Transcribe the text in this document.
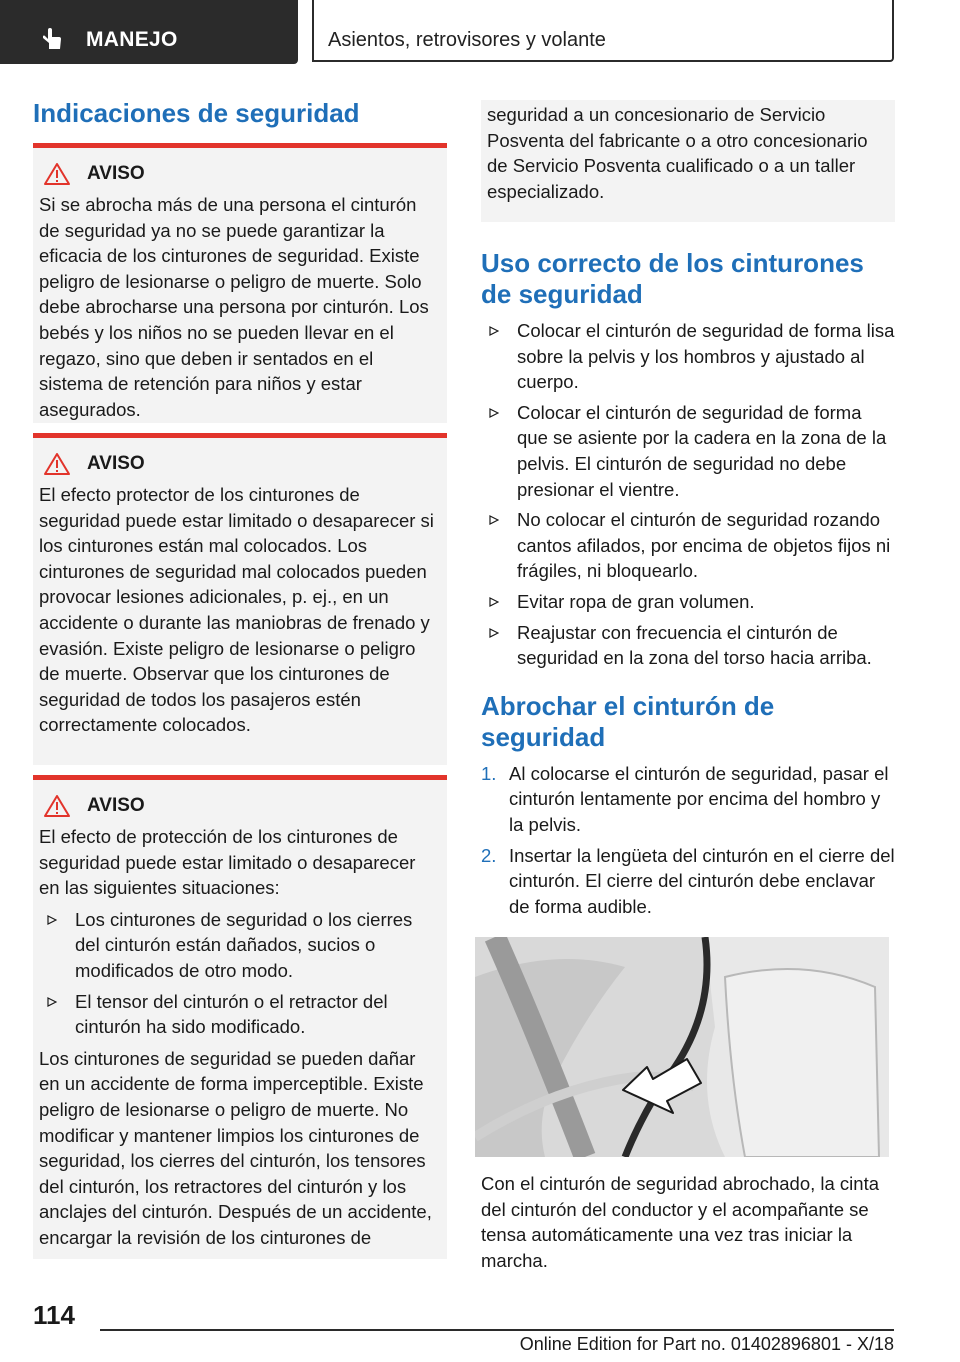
MANEJO	Asientos, retrovisores y volante
Indicaciones de seguridad
AVISO

Si se abrocha más de una persona el cinturón de seguridad ya no se puede garantizar la eficacia de los cinturones de seguridad. Existe peligro de lesionarse o peligro de muerte. Solo debe abrocharse una persona por cinturón. Los bebés y los niños no se pueden llevar en el regazo, sino que deben ir sentados en el sistema de retención para niños y estar asegurados.

AVISO

El efecto protector de los cinturones de seguridad puede estar limitado o desaparecer si los cinturones están mal colocados. Los cinturones de seguridad mal colocados pueden provocar lesiones adicionales, p. ej., en un accidente o durante las maniobras de frenado y evasión. Existe peligro de lesionarse o peligro de muerte. Observar que los cinturones de seguridad de todos los pasajeros estén correctamente colocados.

AVISO

El efecto de protección de los cinturones de seguridad puede estar limitado o desaparecer en las siguientes situaciones:

Los cinturones de seguridad o los cierres del cinturón están dañados, sucios o modificados de otro modo.
El tensor del cinturón o el retractor del cinturón ha sido modificado.

Los cinturones de seguridad se pueden dañar en un accidente de forma imperceptible. Existe peligro de lesionarse o peligro de muerte. No modificar y mantener limpios los cinturones de seguridad, los cierres del cinturón, los tensores del cinturón, los retractores del cinturón y los anclajes del cinturón. Después de un accidente, encargar la revisión de los cinturones de

seguridad a un concesionario de Servicio Posventa del fabricante o a otro concesionario de Servicio Posventa cualificado o a un taller especializado.

Uso correcto de los cinturones de seguridad
Colocar el cinturón de seguridad de forma lisa sobre la pelvis y los hombros y ajustado al cuerpo.
Colocar el cinturón de seguridad de forma que se asiente por la cadera en la zona de la pelvis. El cinturón de seguridad no debe presionar el vientre.
No colocar el cinturón de seguridad rozando cantos afilados, por encima de objetos fijos ni frágiles, ni bloquearlo.
Evitar ropa de gran volumen.
Reajustar con frecuencia el cinturón de seguridad en la zona del torso hacia arriba.
Abrochar el cinturón de seguridad
1. Al colocarse el cinturón de seguridad, pasar el cinturón lentamente por encima del hombro y la pelvis.
2. Insertar la lengüeta del cinturón en el cierre del cinturón. El cierre del cinturón debe enclavar de forma audible.

Con el cinturón de seguridad abrochado, la cinta del cinturón del conductor y el acompañante se tensa automáticamente una vez tras iniciar la marcha.

114
Online Edition for Part no. 01402896801 - X/18
